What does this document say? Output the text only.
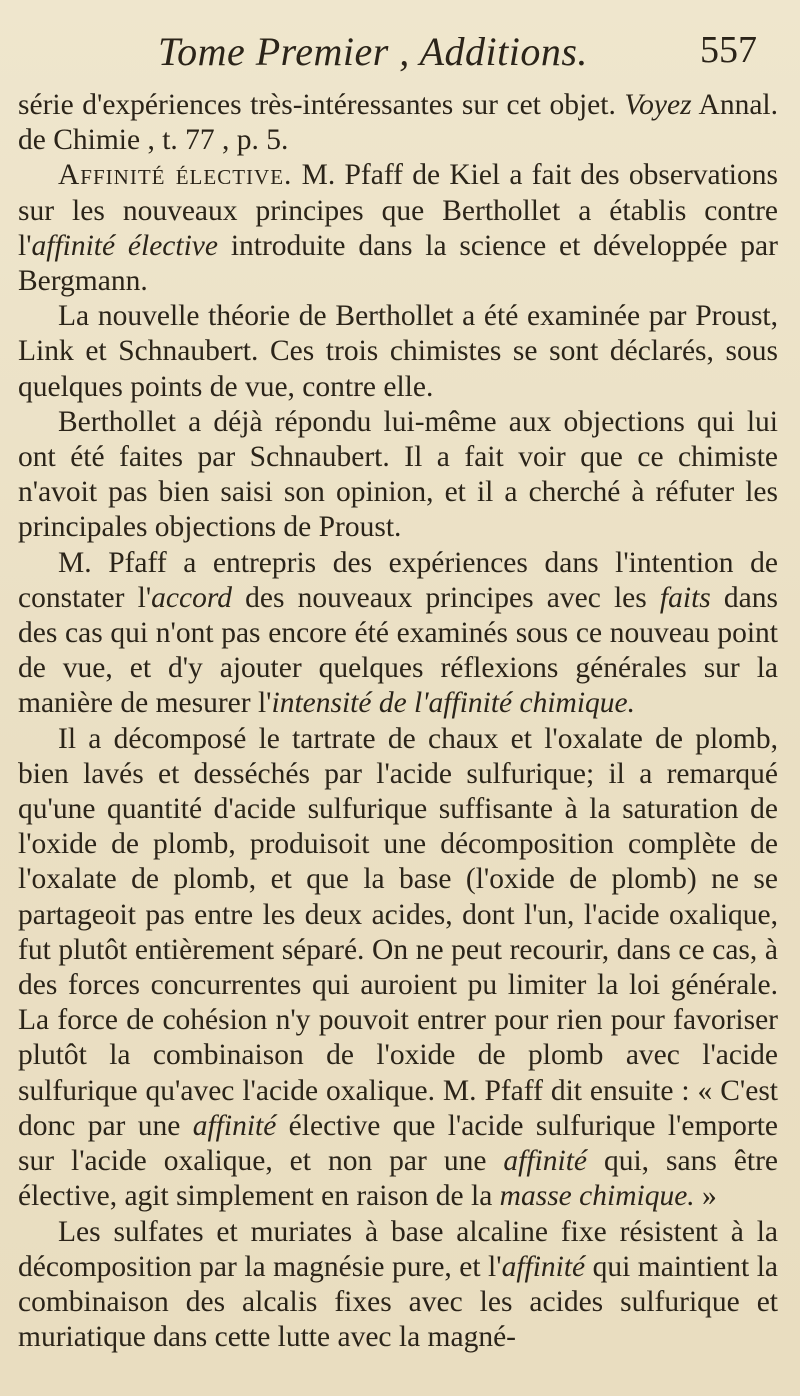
Tome Premier , Additions.	557

série d'expériences très-intéressantes sur cet objet. Voyez Annal. de Chimie , t. 77 , p. 5.

Affinité élective. M. Pfaff de Kiel a fait des observations sur les nouveaux principes que Berthollet a établis contre l'affinité élective introduite dans la science et développée par Bergmann.

La nouvelle théorie de Berthollet a été examinée par Proust, Link et Schnaubert. Ces trois chimistes se sont déclarés, sous quelques points de vue, contre elle.

Berthollet a déjà répondu lui-même aux objections qui lui ont été faites par Schnaubert. Il a fait voir que ce chimiste n'avoit pas bien saisi son opinion, et il a cherché à réfuter les principales objections de Proust.

M. Pfaff a entrepris des expériences dans l'intention de constater l'accord des nouveaux principes avec les faits dans des cas qui n'ont pas encore été examinés sous ce nouveau point de vue, et d'y ajouter quelques réflexions générales sur la manière de mesurer l'intensité de l'affinité chimique.

Il a décomposé le tartrate de chaux et l'oxalate de plomb, bien lavés et desséchés par l'acide sulfurique; il a remarqué qu'une quantité d'acide sulfurique suffisante à la saturation de l'oxide de plomb, produisoit une décomposition complète de l'oxalate de plomb, et que la base (l'oxide de plomb) ne se partageoit pas entre les deux acides, dont l'un, l'acide oxalique, fut plutôt entièrement séparé. On ne peut recourir, dans ce cas, à des forces concurrentes qui auroient pu limiter la loi générale. La force de cohésion n'y pouvoit entrer pour rien pour favoriser plutôt la combinaison de l'oxide de plomb avec l'acide sulfurique qu'avec l'acide oxalique. M. Pfaff dit ensuite : « C'est donc par une affinité élective que l'acide sulfurique l'emporte sur l'acide oxalique, et non par une affinité qui, sans être élective, agit simplement en raison de la masse chimique. »

Les sulfates et muriates à base alcaline fixe résistent à la décomposition par la magnésie pure, et l'affinité qui maintient la combinaison des alcalis fixes avec les acides sulfurique et muriatique dans cette lutte avec la magné-
